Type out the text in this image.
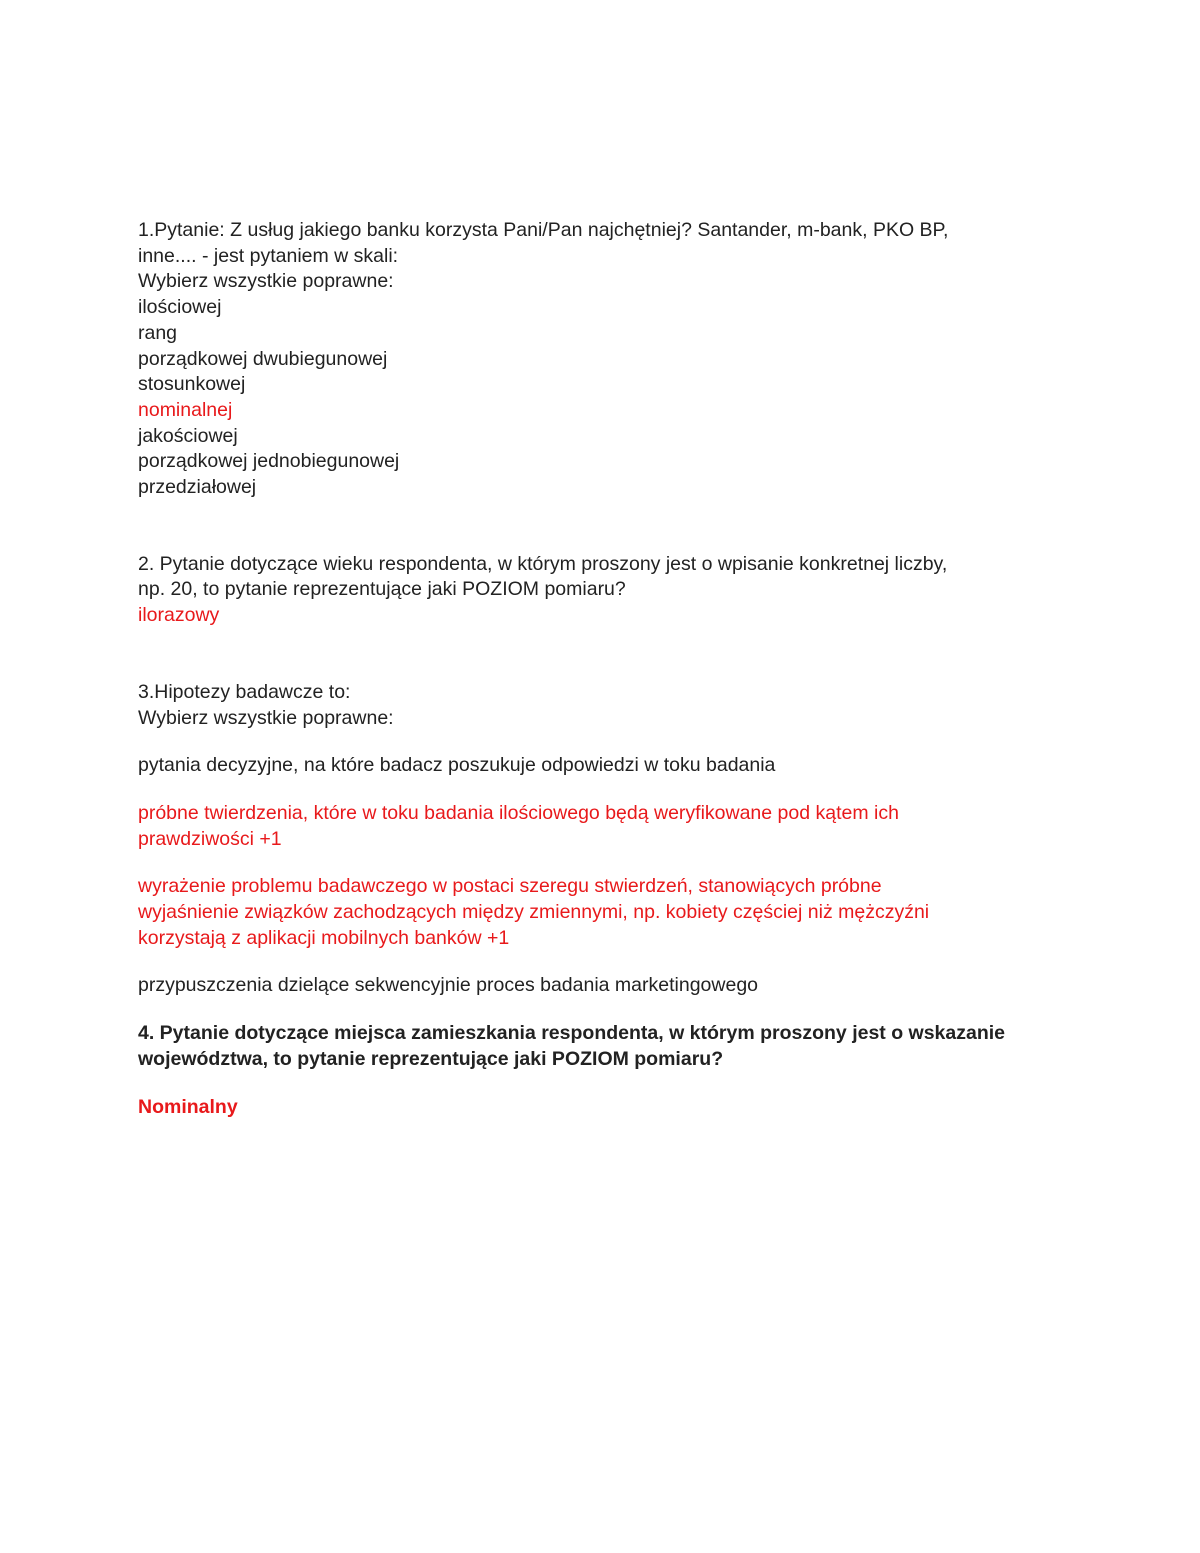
1.Pytanie: Z usług jakiego banku korzysta Pani/Pan najchętniej? Santander, m-bank, PKO BP,
inne.... - jest pytaniem w skali:
Wybierz wszystkie poprawne:
ilościowej
rang
porządkowej dwubiegunowej
stosunkowej
nominalnej
jakościowej
porządkowej jednobiegunowej
przedziałowej
2. Pytanie dotyczące wieku respondenta, w którym proszony jest o wpisanie konkretnej liczby,
np. 20, to pytanie reprezentujące jaki POZIOM pomiaru?
ilorazowy
3.Hipotezy badawcze to:
Wybierz wszystkie poprawne:
pytania decyzyjne, na które badacz poszukuje odpowiedzi w toku badania
próbne twierdzenia, które w toku badania ilościowego będą weryfikowane pod kątem ich
prawdziwości +1
wyrażenie problemu badawczego w postaci szeregu stwierdzeń, stanowiących próbne
wyjaśnienie związków zachodzących między zmiennymi, np. kobiety częściej niż mężczyźni
korzystają z aplikacji mobilnych banków +1
przypuszczenia dzielące sekwencyjnie proces badania marketingowego
4. Pytanie dotyczące miejsca zamieszkania respondenta, w którym proszony jest o wskazanie
województwa, to pytanie reprezentujące jaki POZIOM pomiaru?
Nominalny
